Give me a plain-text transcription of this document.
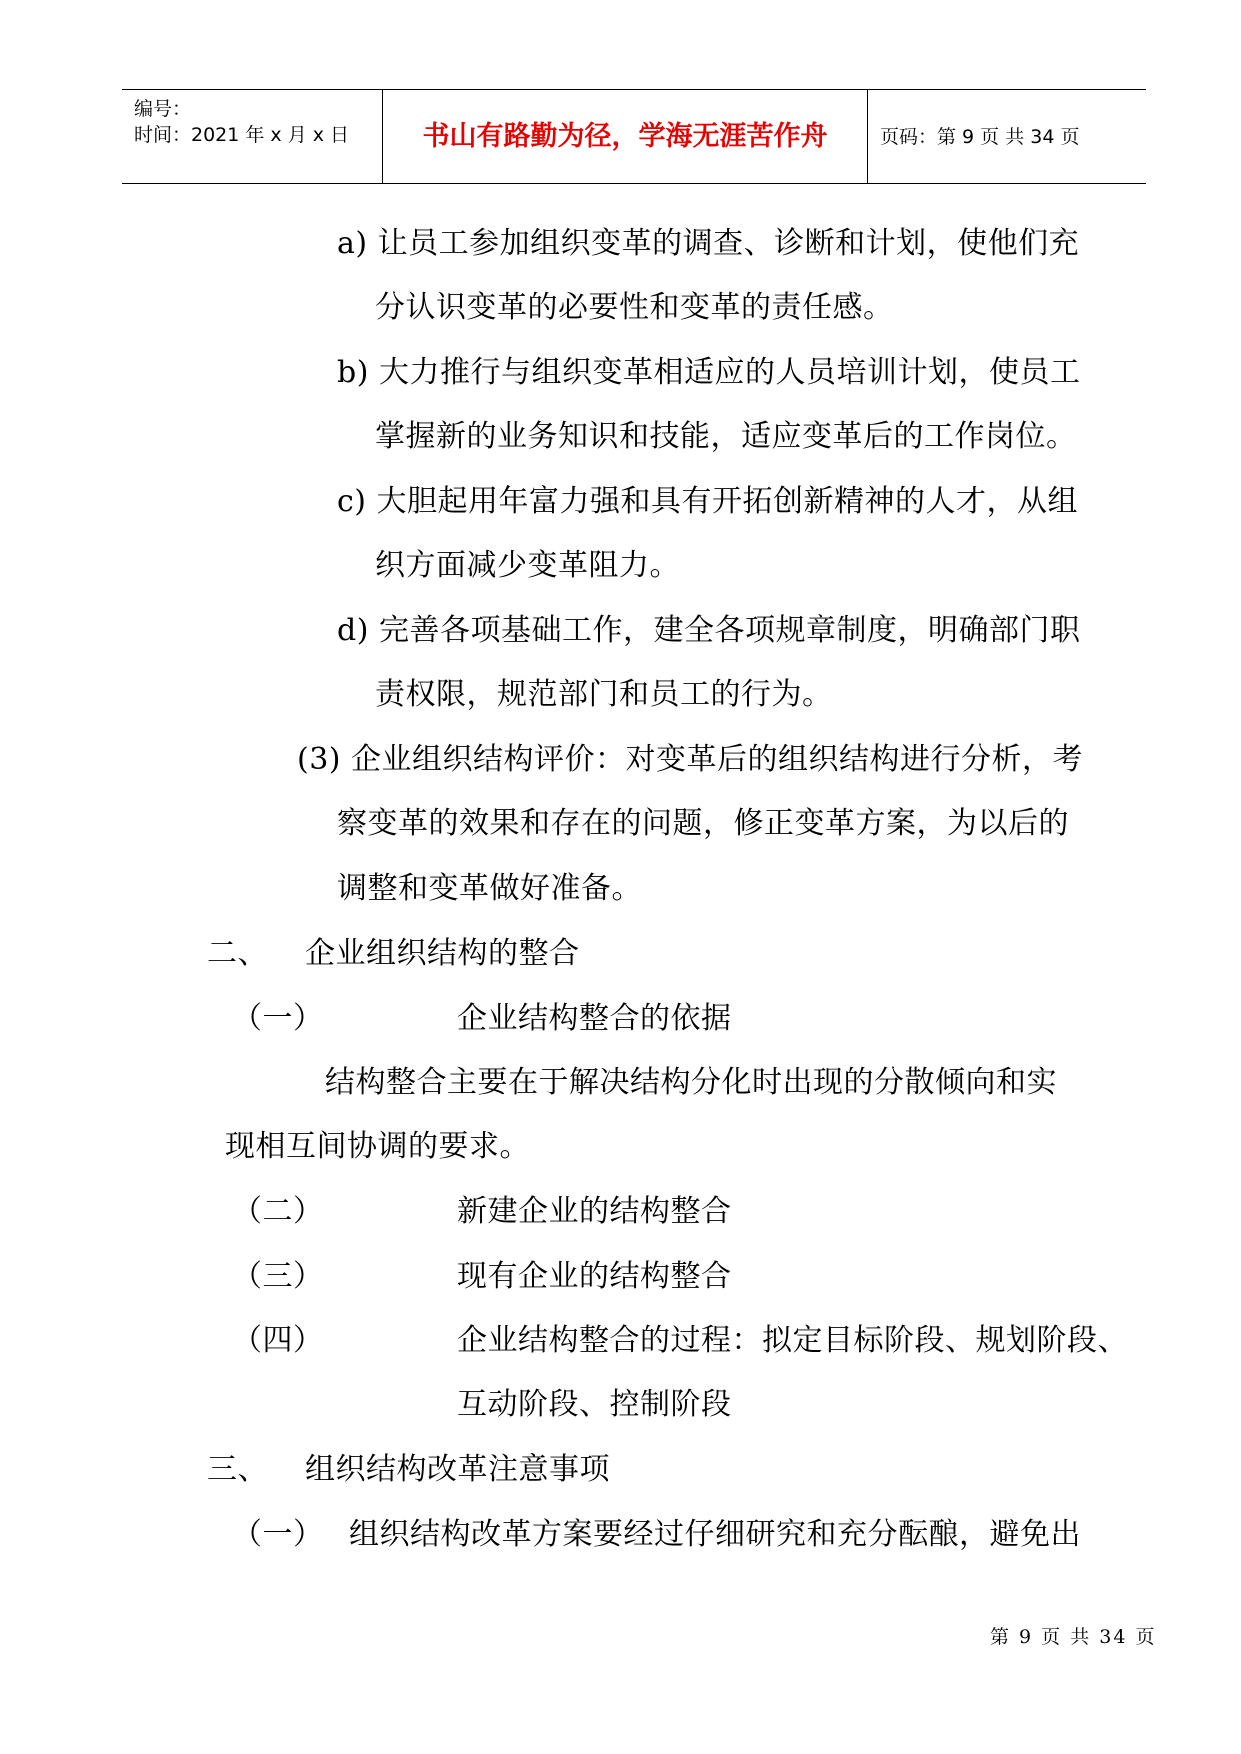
编号：
时间：2021 年 x 月 x 日	书山有路勤为径，学海无涯苦作舟	页码：第 9 页 共 34 页
a) 让员工参加组织变革的调查、诊断和计划，使他们充
分认识变革的必要性和变革的责任感。
b) 大力推行与组织变革相适应的人员培训计划，使员工
掌握新的业务知识和技能，适应变革后的工作岗位。
c) 大胆起用年富力强和具有开拓创新精神的人才，从组
织方面减少变革阻力。
d) 完善各项基础工作，建全各项规章制度，明确部门职
责权限，规范部门和员工的行为。
(3) 企业组织结构评价：对变革后的组织结构进行分析，考
察变革的效果和存在的问题，修正变革方案，为以后的
调整和变革做好准备。
二、 企业组织结构的整合
（一）	企业结构整合的依据
结构整合主要在于解决结构分化时出现的分散倾向和实
现相互间协调的要求。
（二）	新建企业的结构整合
（三）	现有企业的结构整合
（四）	企业结构整合的过程：拟定目标阶段、规划阶段、
互动阶段、控制阶段
三、 组织结构改革注意事项
（一） 组织结构改革方案要经过仔细研究和充分酝酿，避免出
第 9 页 共 34 页
